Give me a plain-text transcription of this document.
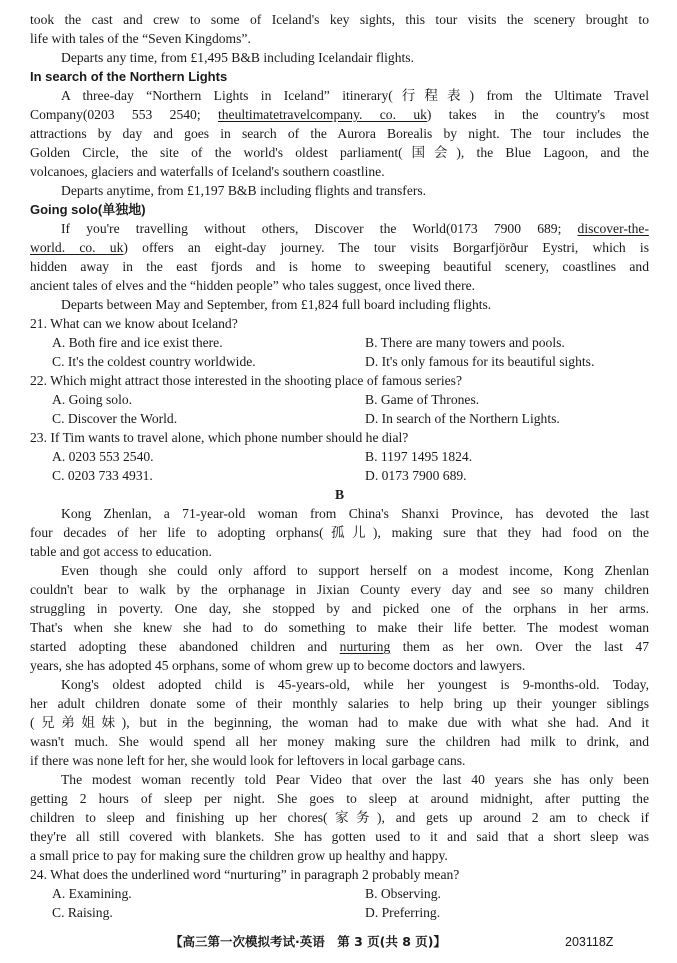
took the cast and crew to some of Iceland's key sights, this tour visits the scenery brought to
life with tales of the “Seven Kingdoms”.
Departs any time, from £1,495 B&B including Icelandair flights.
In search of the Northern Lights
A three-day “Northern Lights in Iceland” itinerary(行程表) from the Ultimate Travel
Company(0203 553 2540; theultimatetravelcompany. co. uk) takes in the country's most
attractions by day and goes in search of the Aurora Borealis by night. The tour includes the
Golden Circle, the site of the world's oldest parliament(国会), the Blue Lagoon, and the
volcanoes, glaciers and waterfalls of Iceland's southern coastline.
Departs anytime, from £1,197 B&B including flights and transfers.
Going solo(单独地)
If you're travelling without others, Discover the World(0173 7900 689; discover-the-
world. co. uk) offers an eight-day journey. The tour visits Borgarfjörður Eystri, which is
hidden away in the east fjords and is home to sweeping beautiful scenery, coastlines and
ancient tales of elves and the “hidden people” who tales suggest, once lived there.
Departs between May and September, from £1,824 full board including flights.
21. What can we know about Iceland?
A. Both fire and ice exist there.	B. There are many towers and pools.
C. It's the coldest country worldwide.	D. It's only famous for its beautiful sights.
22. Which might attract those interested in the shooting place of famous series?
A. Going solo.	B. Game of Thrones.
C. Discover the World.	D. In search of the Northern Lights.
23. If Tim wants to travel alone, which phone number should he dial?
A. 0203 553 2540.	B. 1197 1495 1824.
C. 0203 733 4931.	D. 0173 7900 689.
B
Kong Zhenlan, a 71-year-old woman from China's Shanxi Province, has devoted the last
four decades of her life to adopting orphans(孤儿), making sure that they had food on the
table and got access to education.
Even though she could only afford to support herself on a modest income, Kong Zhenlan
couldn't bear to walk by the orphanage in Jixian County every day and see so many children
struggling in poverty. One day, she stopped by and picked one of the orphans in her arms.
That's when she knew she had to do something to make their life better. The modest woman
started adopting these abandoned children and nurturing them as her own. Over the last 47
years, she has adopted 45 orphans, some of whom grew up to become doctors and lawyers.
Kong's oldest adopted child is 45-years-old, while her youngest is 9-months-old. Today,
her adult children donate some of their monthly salaries to help bring up their younger siblings
(兄弟姐妹), but in the beginning, the woman had to make due with what she had. And it
wasn't much. She would spend all her money making sure the children had milk to drink, and
if there was none left for her, she would look for leftovers in local garbage cans.
The modest woman recently told Pear Video that over the last 40 years she has only been
getting 2 hours of sleep per night. She goes to sleep at around midnight, after putting the
children to sleep and finishing up her chores(家务), and gets up around 2 am to check if
they're all still covered with blankets. She has gotten used to it and said that a short sleep was
a small price to pay for making sure the children grow up healthy and happy.
24. What does the underlined word “nurturing” in paragraph 2 probably mean?
A. Examining.	B. Observing.
C. Raising.	D. Preferring.
【高三第一次模拟考试·英语　第 3 页(共 8 页)】	203118Z
